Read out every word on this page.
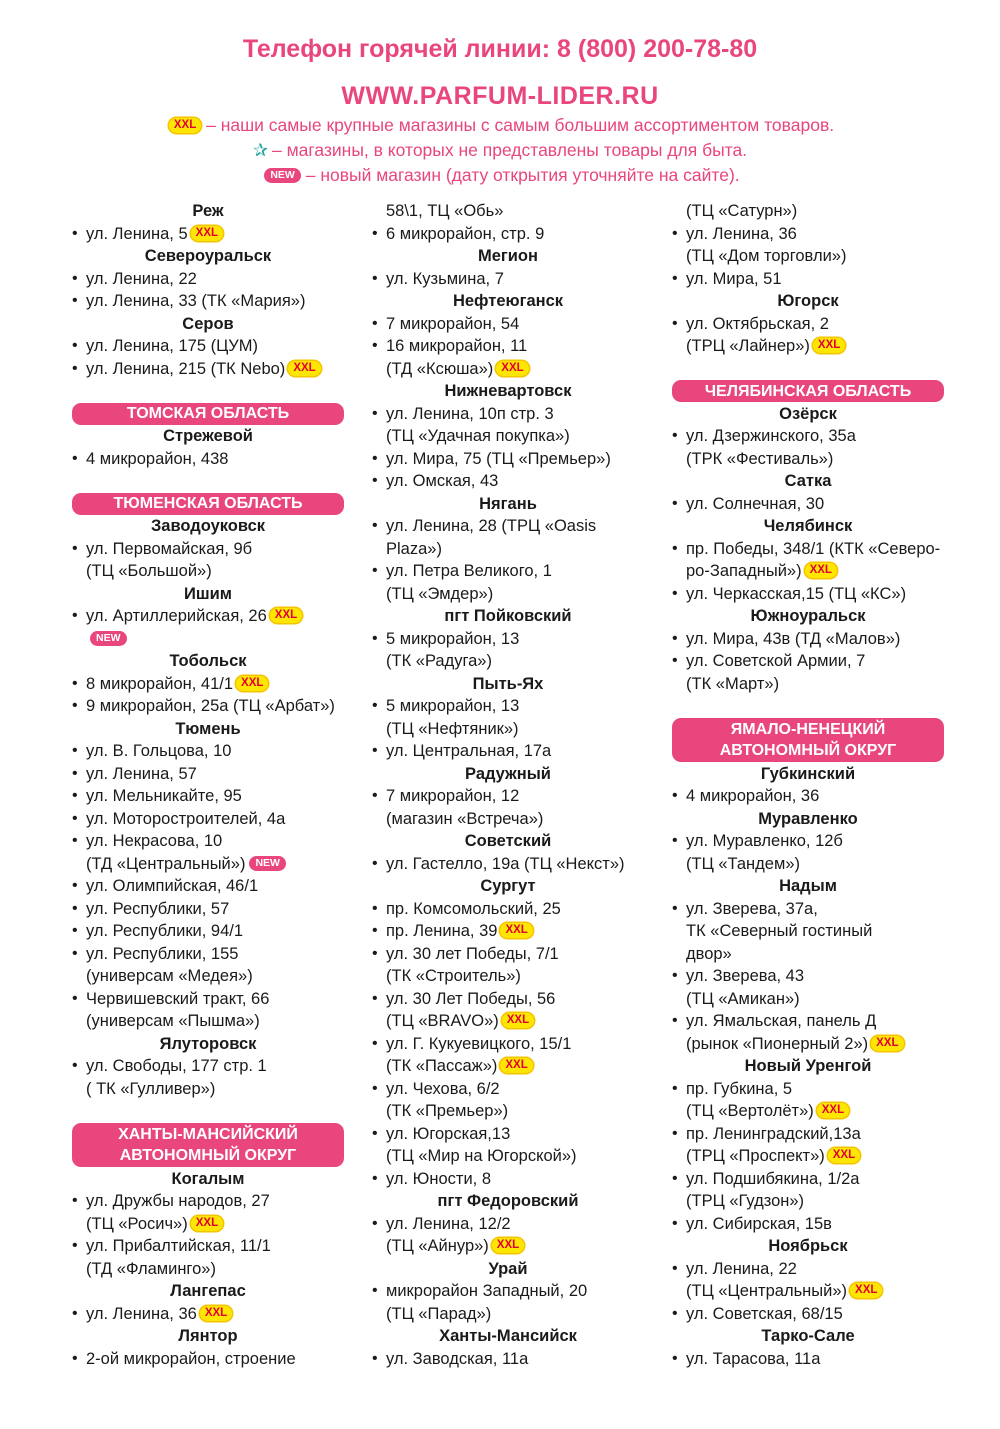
Телефон горячей линии: 8 (800) 200-78-80
WWW.PARFUM-LIDER.RU
XXL – наши самые крупные магазины с самым большим ассортиментом товаров.
✰ – магазины, в которых не представлены товары для быта.
NEW – новый магазин (дату открытия уточняйте на сайте).
Реж
• ул. Ленина, 5 XXL
Североуральск
• ул. Ленина, 22
• ул. Ленина, 33 (ТК «Мария»)
Серов
• ул. Ленина, 175 (ЦУМ)
• ул. Ленина, 215 (ТК Nebo) XXL
ТОМСКАЯ ОБЛАСТЬ
Стрежевой
• 4 микрорайон, 438
ТЮМЕНСКАЯ ОБЛАСТЬ
Заводоуковск
• ул. Первомайская, 9б
(ТЦ «Большой»)
Ишим
• ул. Артиллерийская, 26 XXL
NEW
Тобольск
• 8 микрорайон, 41/1 XXL
• 9 микрорайон, 25а (ТЦ «Арбат»)
Тюмень
• ул. В. Гольцова, 10
• ул. Ленина, 57
• ул. Мельникайте, 95
• ул. Моторостроителей, 4а
• ул. Некрасова, 10
(ТД «Центральный») NEW
• ул. Олимпийская, 46/1
• ул. Республики, 57
• ул. Республики, 94/1
• ул. Республики, 155
(универсам «Медея»)
• Червишевский тракт, 66
(универсам «Пышма»)
Ялуторовск
• ул. Свободы, 177 стр. 1
( ТК «Гулливер»)
ХАНТЫ-МАНСИЙСКИЙ
АВТОНОМНЫЙ ОКРУГ
Когалым
• ул. Дружбы народов, 27
(ТЦ «Росич») XXL
• ул. Прибалтийская, 11/1
(ТД «Фламинго»)
Лангепас
• ул. Ленина, 36 XXL
Лянтор
• 2-ой микрорайон, строение
58\1, ТЦ «Обь»
• 6 микрорайон, стр. 9
Мегион
• ул. Кузьмина, 7
Нефтеюганск
• 7 микрорайон, 54
• 16 микрорайон, 11
(ТД «Ксюша») XXL
Нижневартовск
• ул. Ленина, 10п стр. 3
(ТЦ «Удачная покупка»)
• ул. Мира, 75 (ТЦ «Премьер»)
• ул. Омская, 43
Нягань
• ул. Ленина, 28 (ТРЦ «Oasis
Plaza»)
• ул. Петра Великого, 1
(ТЦ «Эмдер»)
пгт Пойковский
• 5 микрорайон, 13
(ТК «Радуга»)
Пыть-Ях
• 5 микрорайон, 13
(ТЦ «Нефтяник»)
• ул. Центральная, 17а
Радужный
• 7 микрорайон, 12
(магазин «Встреча»)
Советский
• ул. Гастелло, 19а (ТЦ «Некст»)
Сургут
• пр. Комсомольский, 25
• пр. Ленина, 39 XXL
• ул. 30 лет Победы, 7/1
(ТК «Строитель»)
• ул. 30 Лет Победы, 56
(ТЦ «BRAVO») XXL
• ул. Г. Кукуевицкого, 15/1
(ТК «Пассаж») XXL
• ул. Чехова, 6/2
(ТК «Премьер»)
• ул. Югорская,13
(ТЦ «Мир на Югорской»)
• ул. Юности, 8
пгт Федоровский
• ул. Ленина, 12/2
(ТЦ «Айнур») XXL
Урай
• микрорайон Западный, 20
(ТЦ «Парад»)
Ханты-Мансийск
• ул. Заводская, 11а
(ТЦ «Сатурн»)
• ул. Ленина, 36
(ТЦ «Дом торговли»)
• ул. Мира, 51
Югорск
• ул. Октябрьская, 2
(ТРЦ «Лайнер») XXL
ЧЕЛЯБИНСКАЯ ОБЛАСТЬ
Озёрск
• ул. Дзержинского, 35а
(ТРК «Фестиваль»)
Сатка
• ул. Солнечная, 30
Челябинск
• пр. Победы, 348/1 (КТК «Северо-
ро-Западный») XXL
• ул. Черкасская,15 (ТЦ «КС»)
Южноуральск
• ул. Мира, 43в (ТД «Малов»)
• ул. Советской Армии, 7
(ТК «Март»)
ЯМАЛО-НЕНЕЦКИЙ
АВТОНОМНЫЙ ОКРУГ
Губкинский
• 4 микрорайон, 36
Муравленко
• ул. Муравленко, 12б
(ТЦ «Тандем»)
Надым
• ул. Зверева, 37а,
ТК «Северный гостиный
двор»
• ул. Зверева, 43
(ТЦ «Амикан»)
• ул. Ямальская, панель Д
(рынок «Пионерный 2») XXL
Новый Уренгой
• пр. Губкина, 5
(ТЦ «Вертолёт») XXL
• пр. Ленинградский,13а
(ТРЦ «Проспект») XXL
• ул. Подшибякина, 1/2а
(ТРЦ «Гудзон»)
• ул. Сибирская, 15в
Ноябрьск
• ул. Ленина, 22
(ТЦ «Центральный») XXL
• ул. Советская, 68/15
Тарко-Сале
• ул. Тарасова, 11а
